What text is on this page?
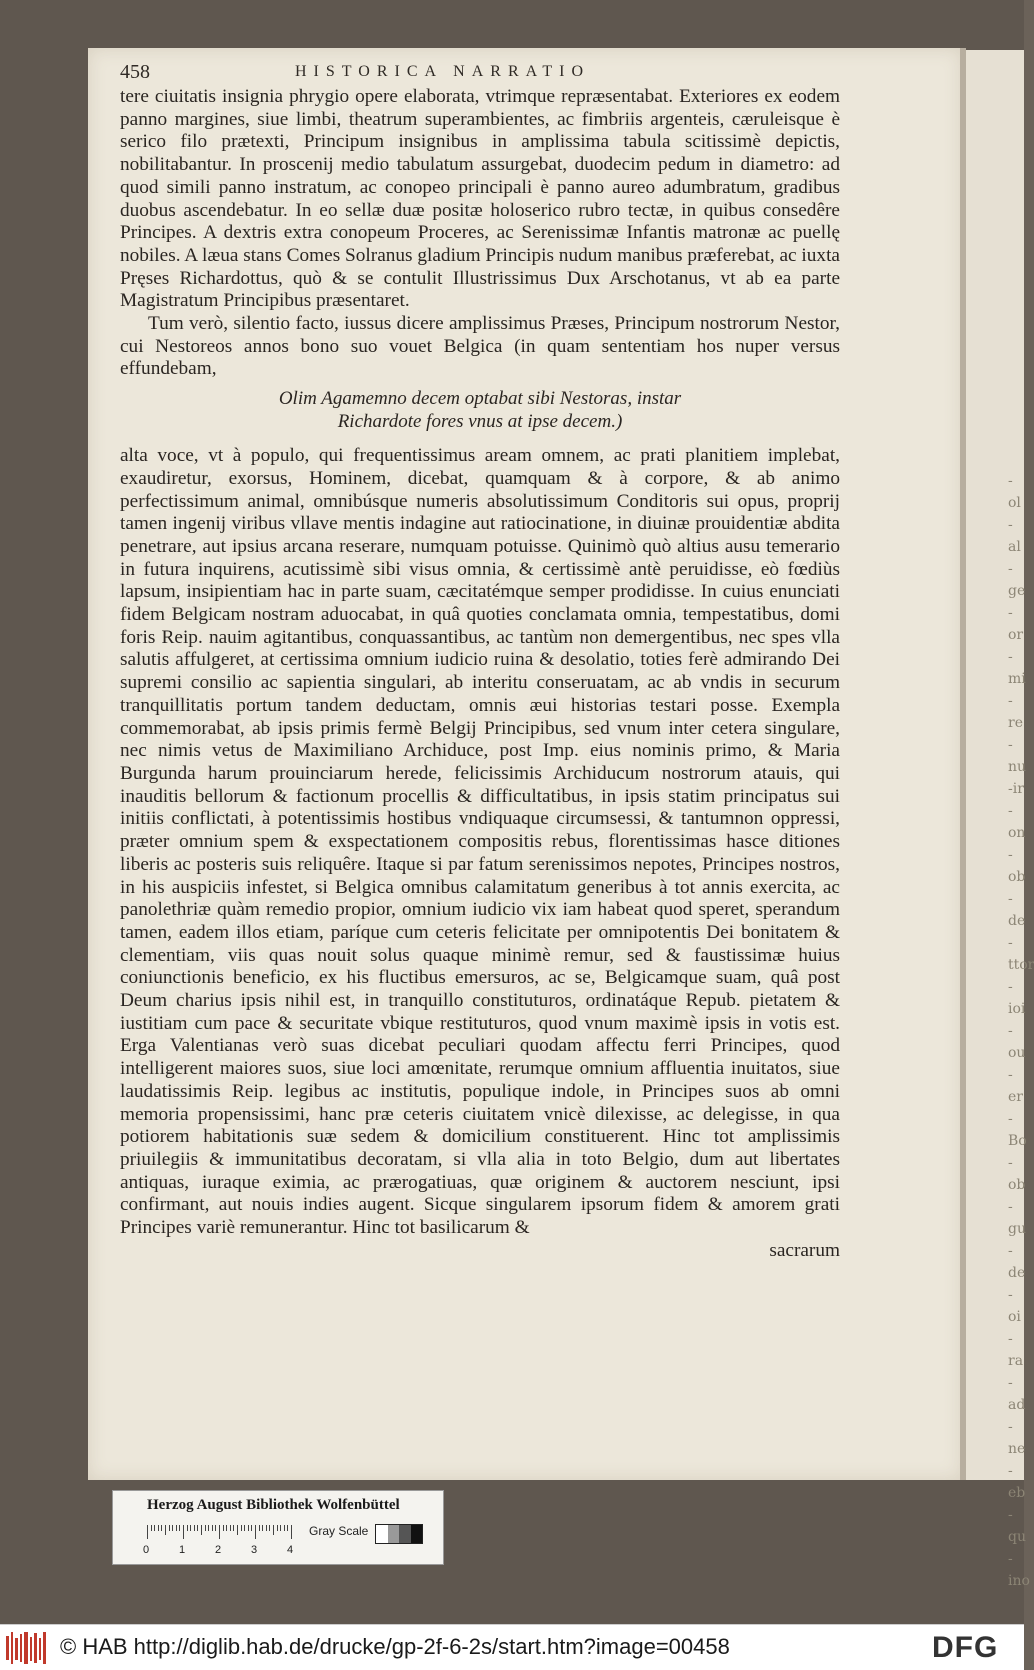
-ol -al -ge -or -mi -re -nu -ir -on -ob -de -ttor -ioi -ou -er -Bo -ob -gu -de -oi -ra -ad -ne -eb -qu -ino
458	HISTORICA NARRATIO

tere ciuitatis insignia phrygio opere elaborata, vtrimque repræsentabat. Exteriores ex eodem panno margines, siue limbi, theatrum superambientes, ac fimbriis argenteis, cæruleisque è serico filo prætexti, Principum insignibus in amplissima tabula scitissimè depictis, nobilitabantur. In proscenij medio tabulatum assurgebat, duodecim pedum in diametro: ad quod simili panno instratum, ac conopeo principali è panno aureo adumbratum, gradibus duobus ascendebatur. In eo sellæ duæ positæ holoserico rubro tectæ, in quibus consedêre Principes. A dextris extra conopeum Proceres, ac Serenissimæ Infantis matronæ ac puellę nobiles. A læua stans Comes Solranus gladium Principis nudum manibus præferebat, ac iuxta Pręses Richardottus, quò & se contulit Illustrissimus Dux Arschotanus, vt ab ea parte Magistratum Principibus præsentaret.

Tum verò, silentio facto, iussus dicere amplissimus Præses, Principum nostrorum Nestor, cui Nestoreos annos bono suo vouet Belgica (in quam sententiam hos nuper versus effundebam,

Olim Agamemno decem optabat sibi Nestoras, instar
Richardote fores vnus at ipse decem.)

alta voce, vt à populo, qui frequentissimus aream omnem, ac prati planitiem implebat, exaudiretur, exorsus, Hominem, dicebat, quamquam & à corpore, & ab animo perfectissimum animal, omnibúsque numeris absolutissimum Conditoris sui opus, proprij tamen ingenij viribus vllave mentis indagine aut ratiocinatione, in diuinæ prouidentiæ abdita penetrare, aut ipsius arcana reserare, numquam potuisse. Quinimò quò altius ausu temerario in futura inquirens, acutissimè sibi visus omnia, & certissimè antè peruidisse, eò fœdiùs lapsum, insipientiam hac in parte suam, cæcitatémque semper prodidisse. In cuius enunciati fidem Belgicam nostram aduocabat, in quâ quoties conclamata omnia, tempestatibus, domi foris Reip. nauim agitantibus, conquassantibus, ac tantùm non demergentibus, nec spes vlla salutis affulgeret, at certissima omnium iudicio ruina & desolatio, toties ferè admirando Dei supremi consilio ac sapientia singulari, ab interitu conseruatam, ac ab vndis in securum tranquillitatis portum tandem deductam, omnis æui historias testari posse. Exempla commemorabat, ab ipsis primis fermè Belgij Principibus, sed vnum inter cetera singulare, nec nimis vetus de Maximiliano Archiduce, post Imp. eius nominis primo, & Maria Burgunda harum prouinciarum herede, felicissimis Archiducum nostrorum atauis, qui inauditis bellorum & factionum procellis & difficultatibus, in ipsis statim principatus sui initiis conflictati, à potentissimis hostibus vndiquaque circumsessi, & tantumnon oppressi, præter omnium spem & exspectationem compositis rebus, florentissimas hasce ditiones liberis ac posteris suis reliquêre. Itaque si par fatum serenissimos nepotes, Principes nostros, in his auspiciis infestet, si Belgica omnibus calamitatum generibus à tot annis exercita, ac panolethriæ quàm remedio propior, omnium iudicio vix iam habeat quod speret, sperandum tamen, eadem illos etiam, paríque cum ceteris felicitate per omnipotentis Dei bonitatem & clementiam, viis quas nouit solus quaque minimè remur, sed & faustissimæ huius coniunctionis beneficio, ex his fluctibus emersuros, ac se, Belgicamque suam, quâ post Deum charius ipsis nihil est, in tranquillo constituturos, ordinatáque Repub. pietatem & iustitiam cum pace & securitate vbique restituturos, quod vnum maximè ipsis in votis est. Erga Valentianas verò suas dicebat peculiari quodam affectu ferri Principes, quod intelligerent maiores suos, siue loci amœnitate, rerumque omnium affluentia inuitatos, siue laudatissimis Reip. legibus ac institutis, populique indole, in Principes suos ab omni memoria propensissimi, hanc præ ceteris ciuitatem vnicè dilexisse, ac delegisse, in qua potiorem habitationis suæ sedem & domicilium constituerent. Hinc tot amplissimis priuilegiis & immunitatibus decoratam, si vlla alia in toto Belgio, dum aut libertates antiquas, iuraque eximia, ac prærogatiuas, quæ originem & auctorem nesciunt, ipsi confirmant, aut nouis indies augent. Sicque singularem ipsorum fidem & amorem grati Principes variè remunerantur. Hinc tot basilicarum &

sacrarum
Herzog August Bibliothek Wolfenbüttel
0	1	2	3	4
Gray Scale
© HAB http://diglib.hab.de/drucke/gp-2f-6-2s/start.htm?image=00458	DFG
